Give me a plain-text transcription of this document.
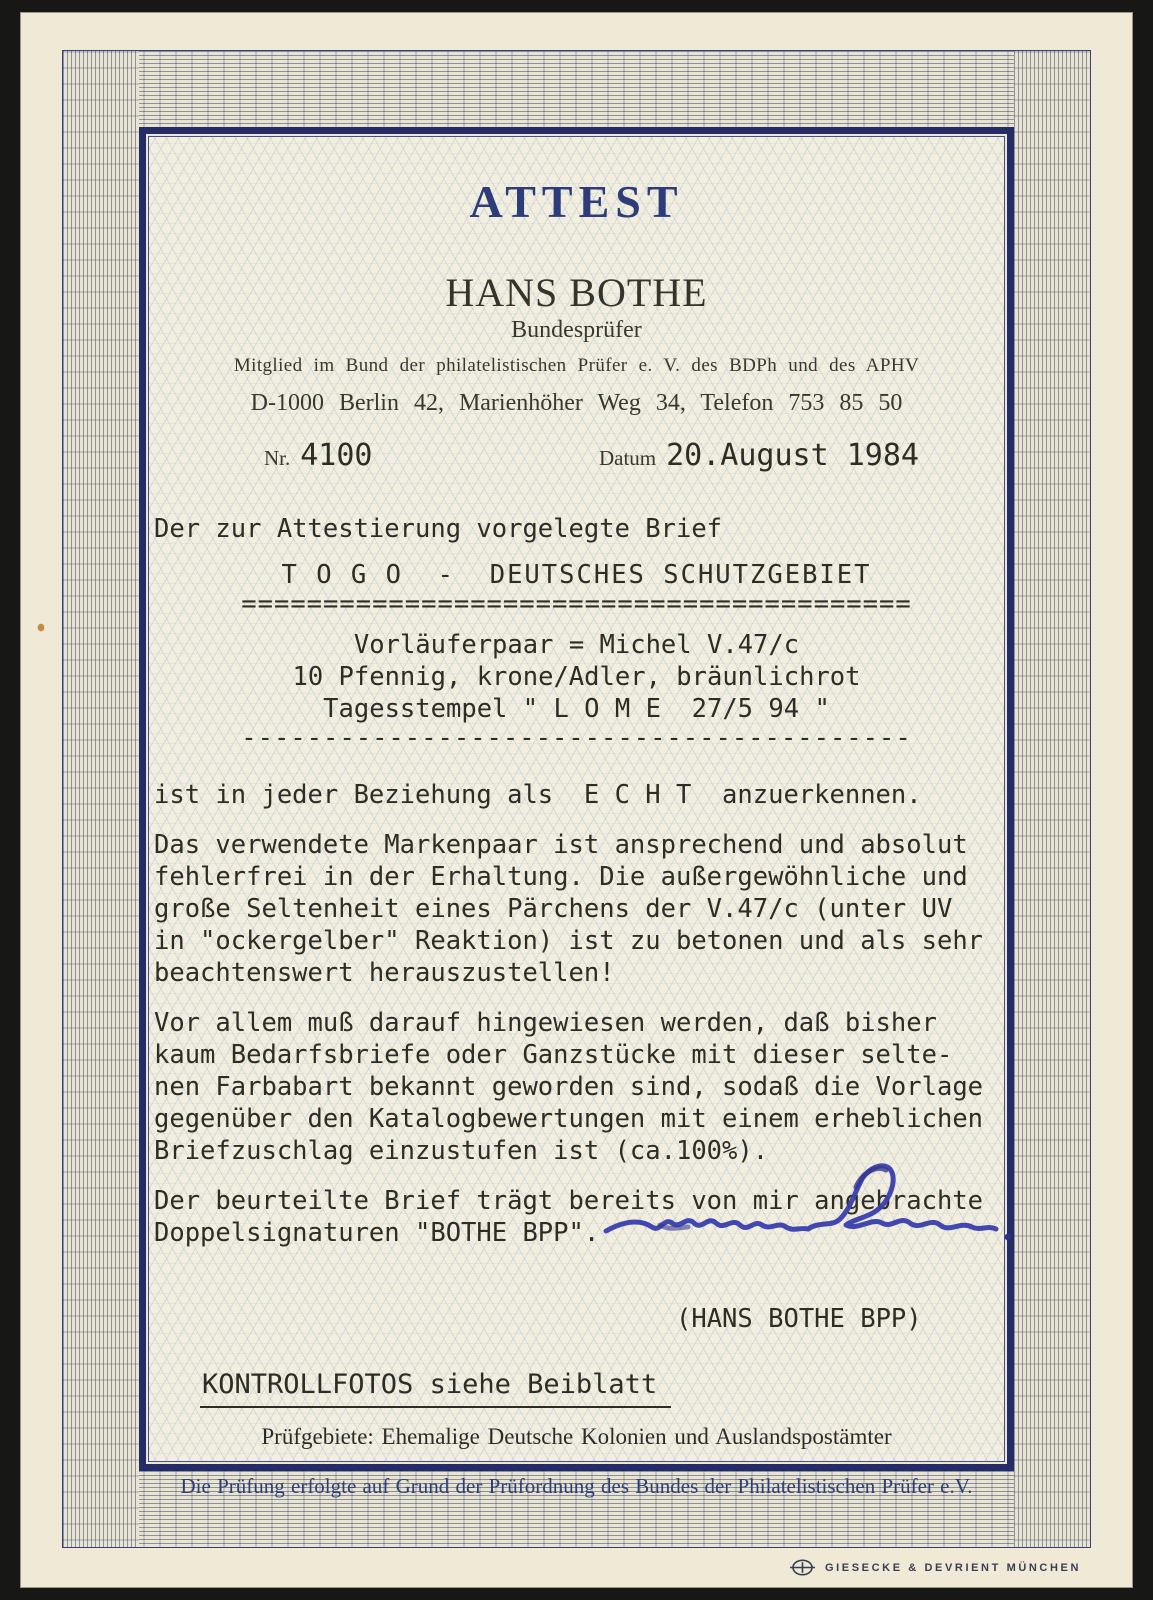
ATTEST
HANS BOTHE
Bundesprüfer
Mitglied im Bund der philatelistischen Prüfer e. V. des BDPh und des APHV
D-1000 Berlin 42, Marienhöher Weg 34, Telefon 753 85 50
Nr. 4100	Datum 20.August 1984
Der zur Attestierung vorgelegte Brief
T O G O  -  DEUTSCHES SCHUTZGEBIET
=========================================
Vorläuferpaar = Michel V.47/c
10 Pfennig, krone/Adler, bräunlichrot
Tagesstempel " L O M E  27/5 94 "
-----------------------------------------
ist in jeder Beziehung als  E C H T  anzuerkennen.
Das verwendete Markenpaar ist ansprechend und absolut
fehlerfrei in der Erhaltung. Die außergewöhnliche und
große Seltenheit eines Pärchens der V.47/c (unter UV
in "ockergelber" Reaktion) ist zu betonen und als sehr
beachtenswert herauszustellen!
Vor allem muß darauf hingewiesen werden, daß bisher
kaum Bedarfsbriefe oder Ganzstücke mit dieser selte-
nen Farbabart bekannt geworden sind, sodaß die Vorlage
gegenüber den Katalogbewertungen mit einem erheblichen
Briefzuschlag einzustufen ist (ca.100%).
Der beurteilte Brief trägt bereits von mir angebrachte
Doppelsignaturen "BOTHE BPP".
(HANS BOTHE BPP)
KONTROLLFOTOS siehe Beiblatt
Prüfgebiete: Ehemalige Deutsche Kolonien und Auslandspostämter
Die Prüfung erfolgte auf Grund der Prüfordnung des Bundes der Philatelistischen Prüfer e.V.
GIESECKE & DEVRIENT MÜNCHEN
